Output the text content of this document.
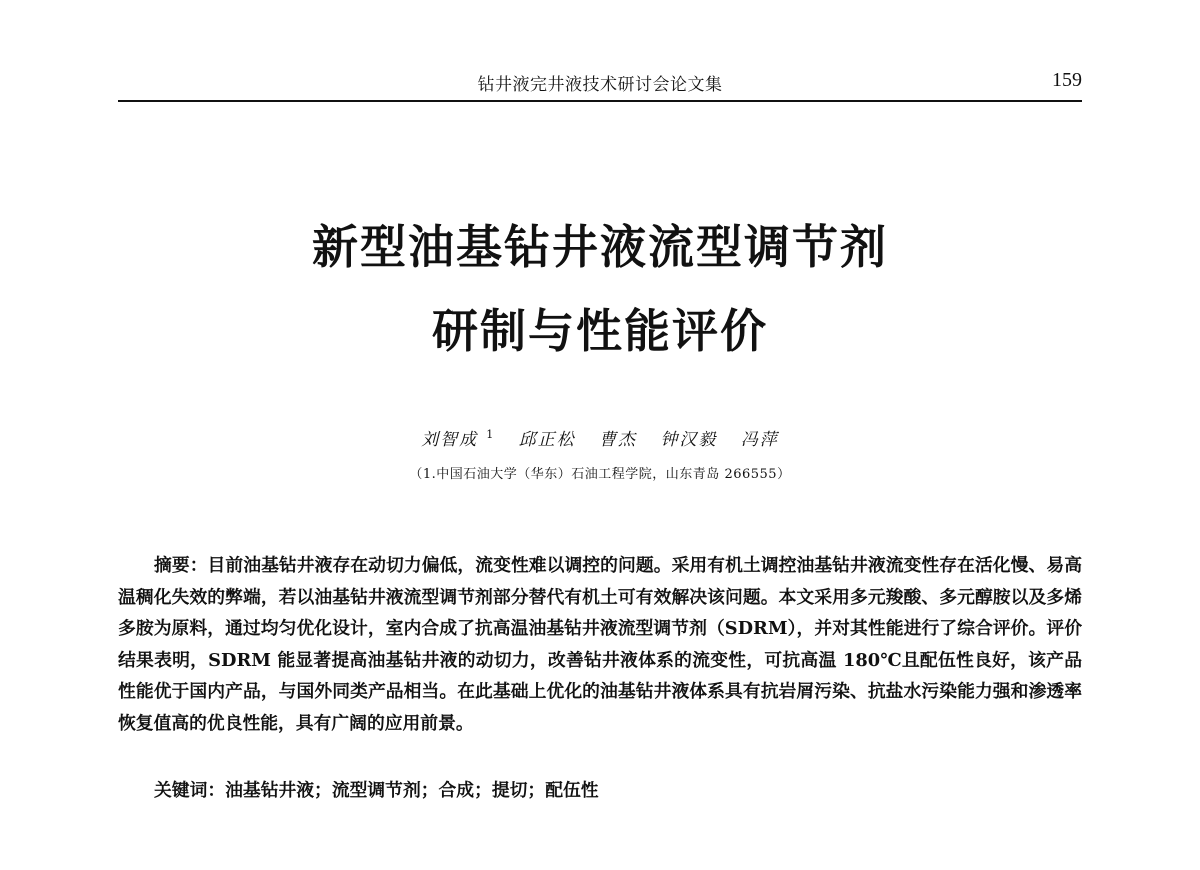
钻井液完井液技术研讨会论文集	159
新型油基钻井液流型调节剂
研制与性能评价
刘智成 $^1$ 邱正松 曹杰 钟汉毅 冯萍
（1.中国石油大学（华东）石油工程学院，山东青岛 266555）

摘要：目前油基钻井液存在动切力偏低，流变性难以调控的问题。采用有机土调控油基钻井液流变性存在活化慢、易高温稠化失效的弊端，若以油基钻井液流型调节剂部分替代有机土可有效解决该问题。本文采用多元羧酸、多元醇胺以及多烯多胺为原料，通过均匀优化设计，室内合成了抗高温油基钻井液流型调节剂（SDRM），并对其性能进行了综合评价。评价结果表明，SDRM 能显著提高油基钻井液的动切力，改善钻井液体系的流变性，可抗高温 180℃且配伍性良好，该产品性能优于国内产品，与国外同类产品相当。在此基础上优化的油基钻井液体系具有抗岩屑污染、抗盐水污染能力强和渗透率恢复值高的优良性能，具有广阔的应用前景。

关键词：油基钻井液；流型调节剂；合成；提切；配伍性
